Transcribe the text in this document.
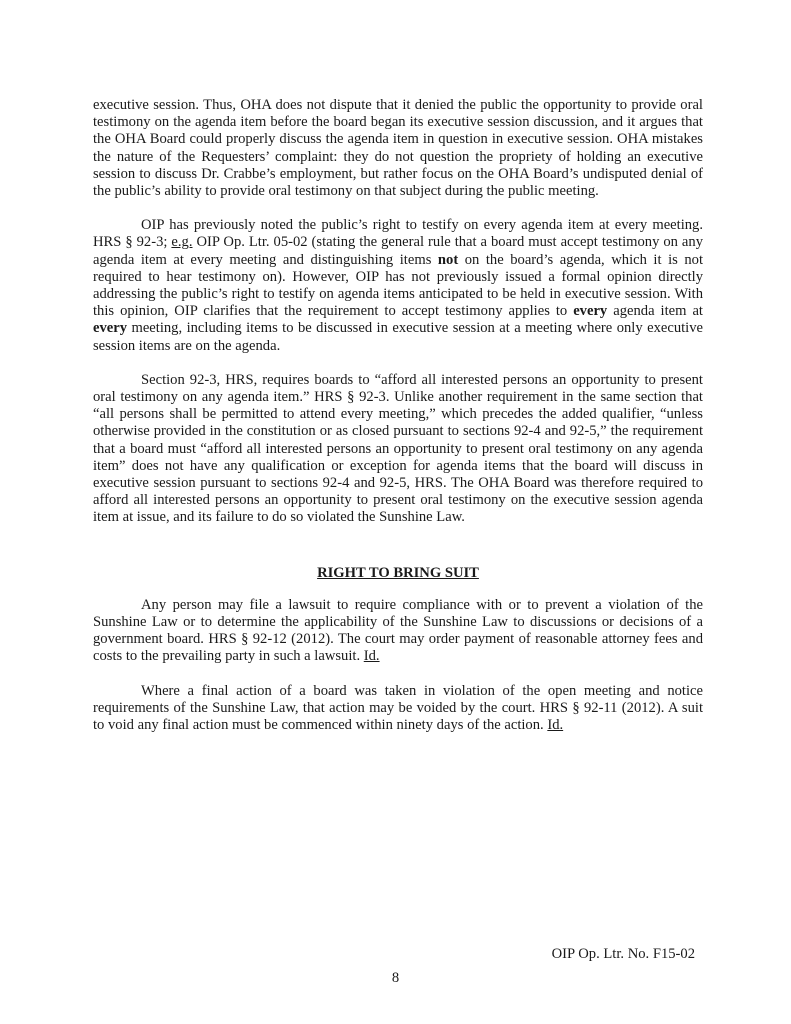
executive session. Thus, OHA does not dispute that it denied the public the opportunity to provide oral testimony on the agenda item before the board began its executive session discussion, and it argues that the OHA Board could properly discuss the agenda item in question in executive session. OHA mistakes the nature of the Requesters’ complaint: they do not question the propriety of holding an executive session to discuss Dr. Crabbe’s employment, but rather focus on the OHA Board’s undisputed denial of the public’s ability to provide oral testimony on that subject during the public meeting.

OIP has previously noted the public’s right to testify on every agenda item at every meeting. HRS § 92-3; e.g. OIP Op. Ltr. 05-02 (stating the general rule that a board must accept testimony on any agenda item at every meeting and distinguishing items not on the board’s agenda, which it is not required to hear testimony on). However, OIP has not previously issued a formal opinion directly addressing the public’s right to testify on agenda items anticipated to be held in executive session. With this opinion, OIP clarifies that the requirement to accept testimony applies to every agenda item at every meeting, including items to be discussed in executive session at a meeting where only executive session items are on the agenda.

Section 92-3, HRS, requires boards to “afford all interested persons an opportunity to present oral testimony on any agenda item.” HRS § 92-3. Unlike another requirement in the same section that “all persons shall be permitted to attend every meeting,” which precedes the added qualifier, “unless otherwise provided in the constitution or as closed pursuant to sections 92-4 and 92-5,” the requirement that a board must “afford all interested persons an opportunity to present oral testimony on any agenda item” does not have any qualification or exception for agenda items that the board will discuss in executive session pursuant to sections 92-4 and 92-5, HRS. The OHA Board was therefore required to afford all interested persons an opportunity to present oral testimony on the executive session agenda item at issue, and its failure to do so violated the Sunshine Law.

RIGHT TO BRING SUIT

Any person may file a lawsuit to require compliance with or to prevent a violation of the Sunshine Law or to determine the applicability of the Sunshine Law to discussions or decisions of a government board. HRS § 92-12 (2012). The court may order payment of reasonable attorney fees and costs to the prevailing party in such a lawsuit. Id.

Where a final action of a board was taken in violation of the open meeting and notice requirements of the Sunshine Law, that action may be voided by the court. HRS § 92-11 (2012). A suit to void any final action must be commenced within ninety days of the action. Id.

OIP Op. Ltr. No. F15-02
8
